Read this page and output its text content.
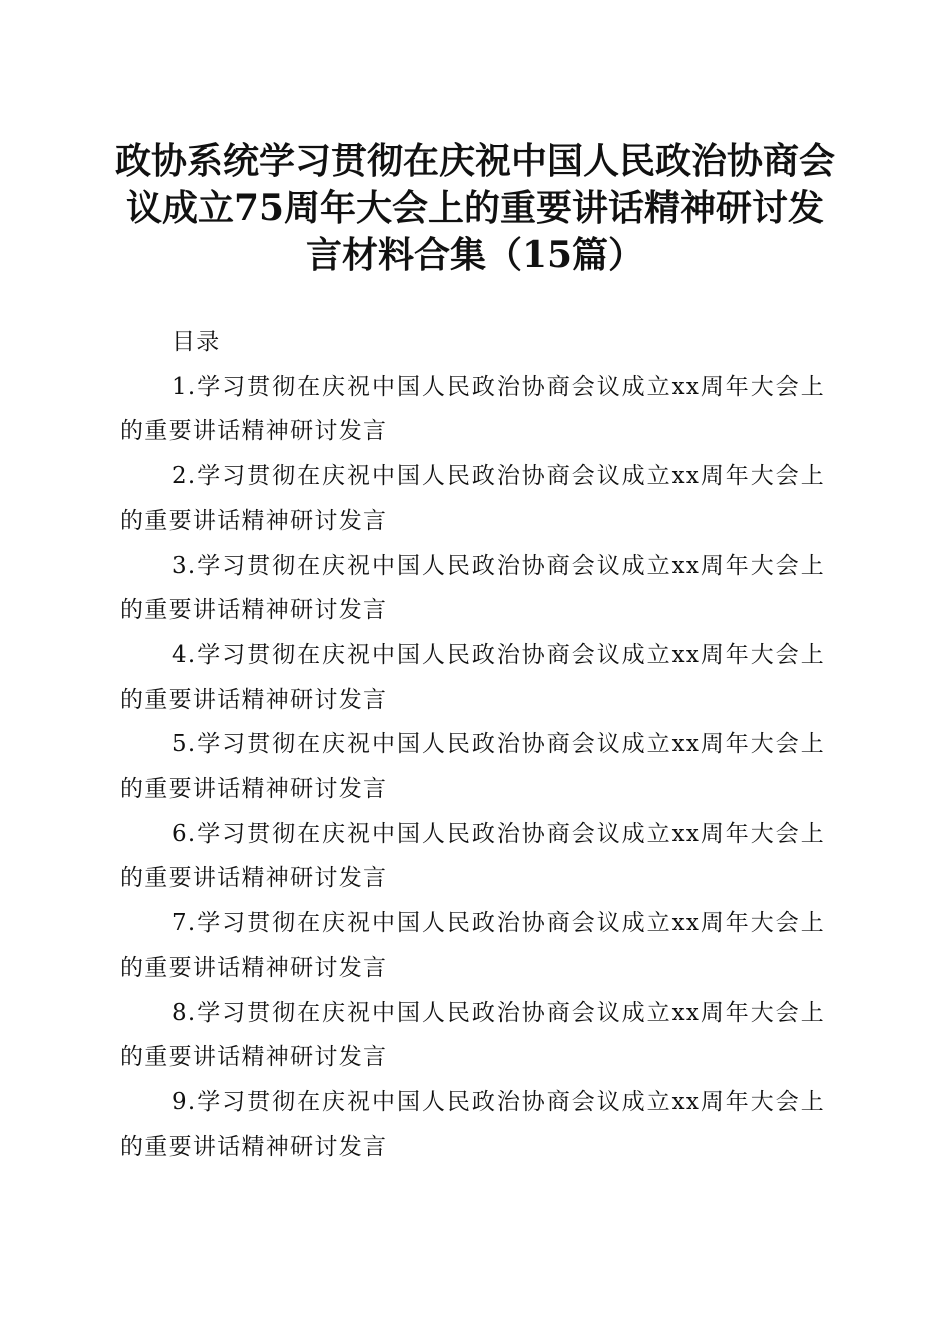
政协系统学习贯彻在庆祝中国人民政治协商会
议成立75周年大会上的重要讲话精神研讨发
言材料合集（15篇）
目录
1.学习贯彻在庆祝中国人民政治协商会议成立xx周年大会上的重要讲话精神研讨发言
2.学习贯彻在庆祝中国人民政治协商会议成立xx周年大会上的重要讲话精神研讨发言
3.学习贯彻在庆祝中国人民政治协商会议成立xx周年大会上的重要讲话精神研讨发言
4.学习贯彻在庆祝中国人民政治协商会议成立xx周年大会上的重要讲话精神研讨发言
5.学习贯彻在庆祝中国人民政治协商会议成立xx周年大会上的重要讲话精神研讨发言
6.学习贯彻在庆祝中国人民政治协商会议成立xx周年大会上的重要讲话精神研讨发言
7.学习贯彻在庆祝中国人民政治协商会议成立xx周年大会上的重要讲话精神研讨发言
8.学习贯彻在庆祝中国人民政治协商会议成立xx周年大会上的重要讲话精神研讨发言
9.学习贯彻在庆祝中国人民政治协商会议成立xx周年大会上的重要讲话精神研讨发言
